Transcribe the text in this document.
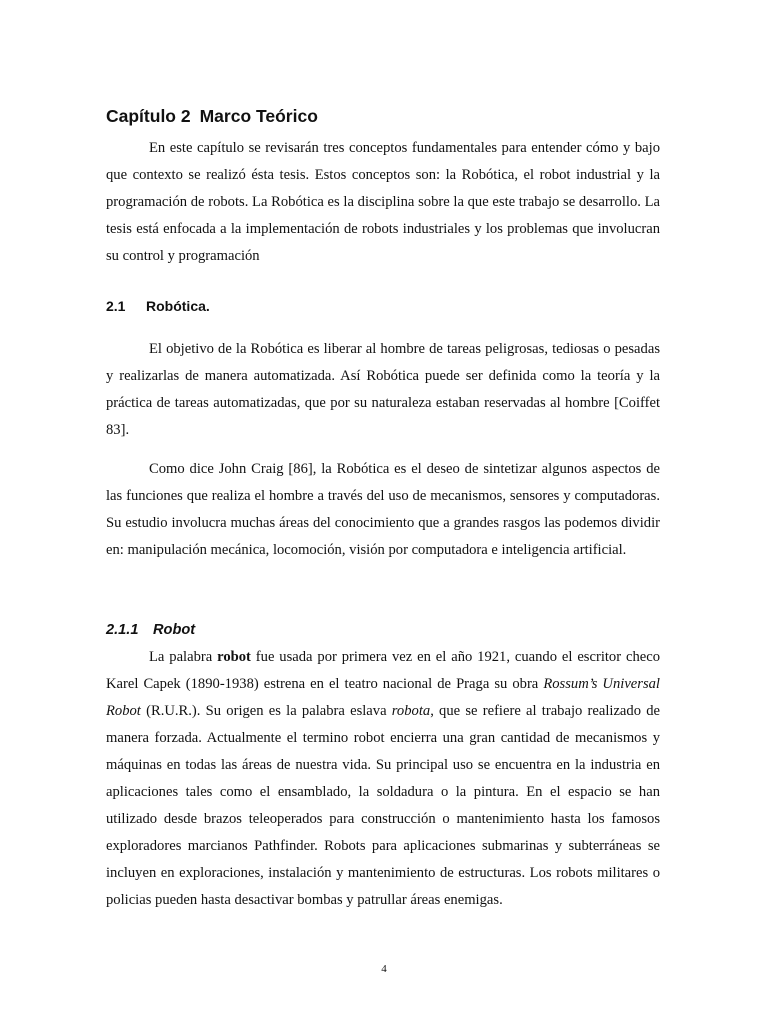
Capítulo 2 Marco Teórico

En este capítulo se revisarán tres conceptos fundamentales para entender cómo y bajo que contexto se realizó ésta tesis. Estos conceptos son: la Robótica, el robot industrial y la programación de robots. La Robótica es la disciplina sobre la que este trabajo se desarrollo. La tesis está enfocada a la implementación de robots industriales y los problemas que involucran su control y programación

2.1 Robótica.

El objetivo de la Robótica es liberar al hombre de tareas peligrosas, tediosas o pesadas y realizarlas de manera automatizada. Así Robótica puede ser definida como la teoría y la práctica de tareas automatizadas, que por su naturaleza estaban reservadas al hombre [Coiffet 83].

Como dice John Craig [86], la Robótica es el deseo de sintetizar algunos aspectos de las funciones que realiza el hombre a través del uso de mecanismos, sensores y computadoras. Su estudio involucra muchas áreas del conocimiento que a grandes rasgos las podemos dividir en: manipulación mecánica, locomoción, visión por computadora e inteligencia artificial.

2.1.1 Robot

La palabra robot fue usada por primera vez en el año 1921, cuando el escritor checo Karel Capek (1890-1938) estrena en el teatro nacional de Praga su obra Rossum’s Universal Robot (R.U.R.). Su origen es la palabra eslava robota, que se refiere al trabajo realizado de manera forzada. Actualmente el termino robot encierra una gran cantidad de mecanismos y máquinas en todas las áreas de nuestra vida. Su principal uso se encuentra en la industria en aplicaciones tales como el ensamblado, la soldadura o la pintura. En el espacio se han utilizado desde brazos teleoperados para construcción o mantenimiento hasta los famosos exploradores marcianos Pathfinder. Robots para aplicaciones submarinas y subterráneas se incluyen en exploraciones, instalación y mantenimiento de estructuras. Los robots militares o policias pueden hasta desactivar bombas y patrullar áreas enemigas.

4
